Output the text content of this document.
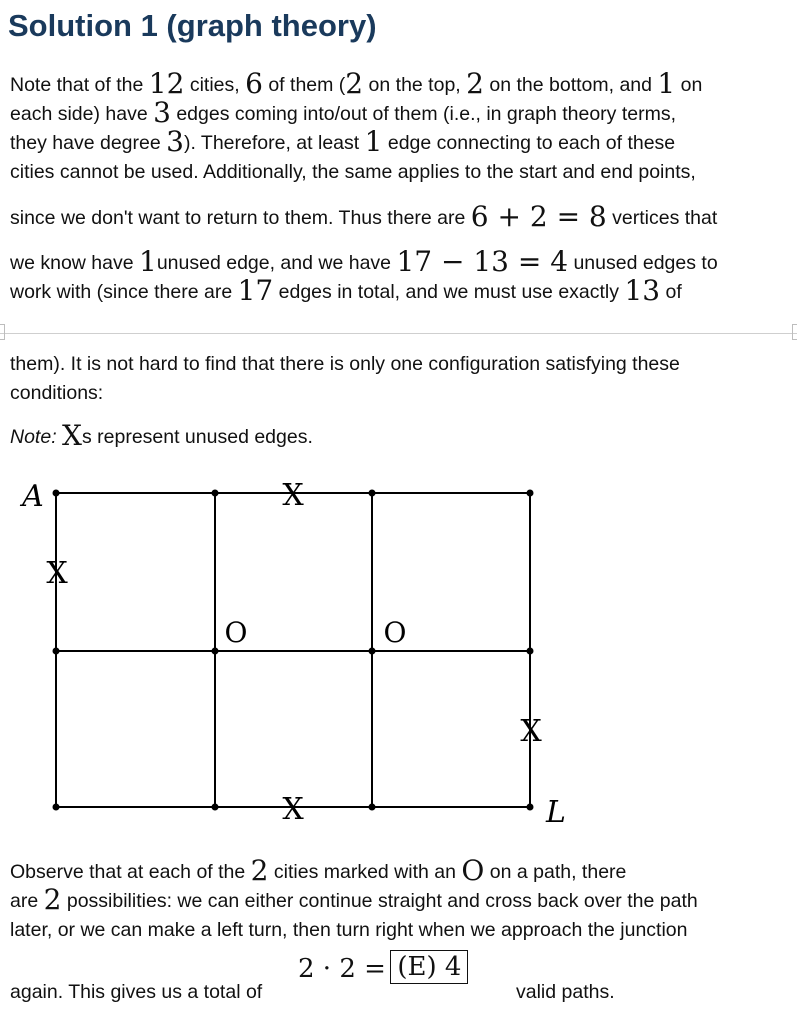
Solution 1 (graph theory)
Note that of the 12 cities, 6 of them (2 on the top, 2 on the bottom, and 1 on
each side) have 3 edges coming into/out of them (i.e., in graph theory terms,
they have degree 3). Therefore, at least 1 edge connecting to each of these
cities cannot be used. Additionally, the same applies to the start and end points,
since we don't want to return to them. Thus there are 6 + 2 = 8 vertices that
we know have 1unused edge, and we have 17 − 13 = 4 unused edges to
work with (since there are 17 edges in total, and we must use exactly 13 of
them). It is not hard to find that there is only one configuration satisfying these
conditions:
Note: Xs represent unused edges.
A
L
X
X
X
X
O	O
Observe that at each of the 2 cities marked with an O on a path, there
are 2 possibilities: we can either continue straight and cross back over the path
later, or we can make a left turn, then turn right when we approach the junction
again. This gives us a total of
2 · 2 = (E) 4
valid paths.
